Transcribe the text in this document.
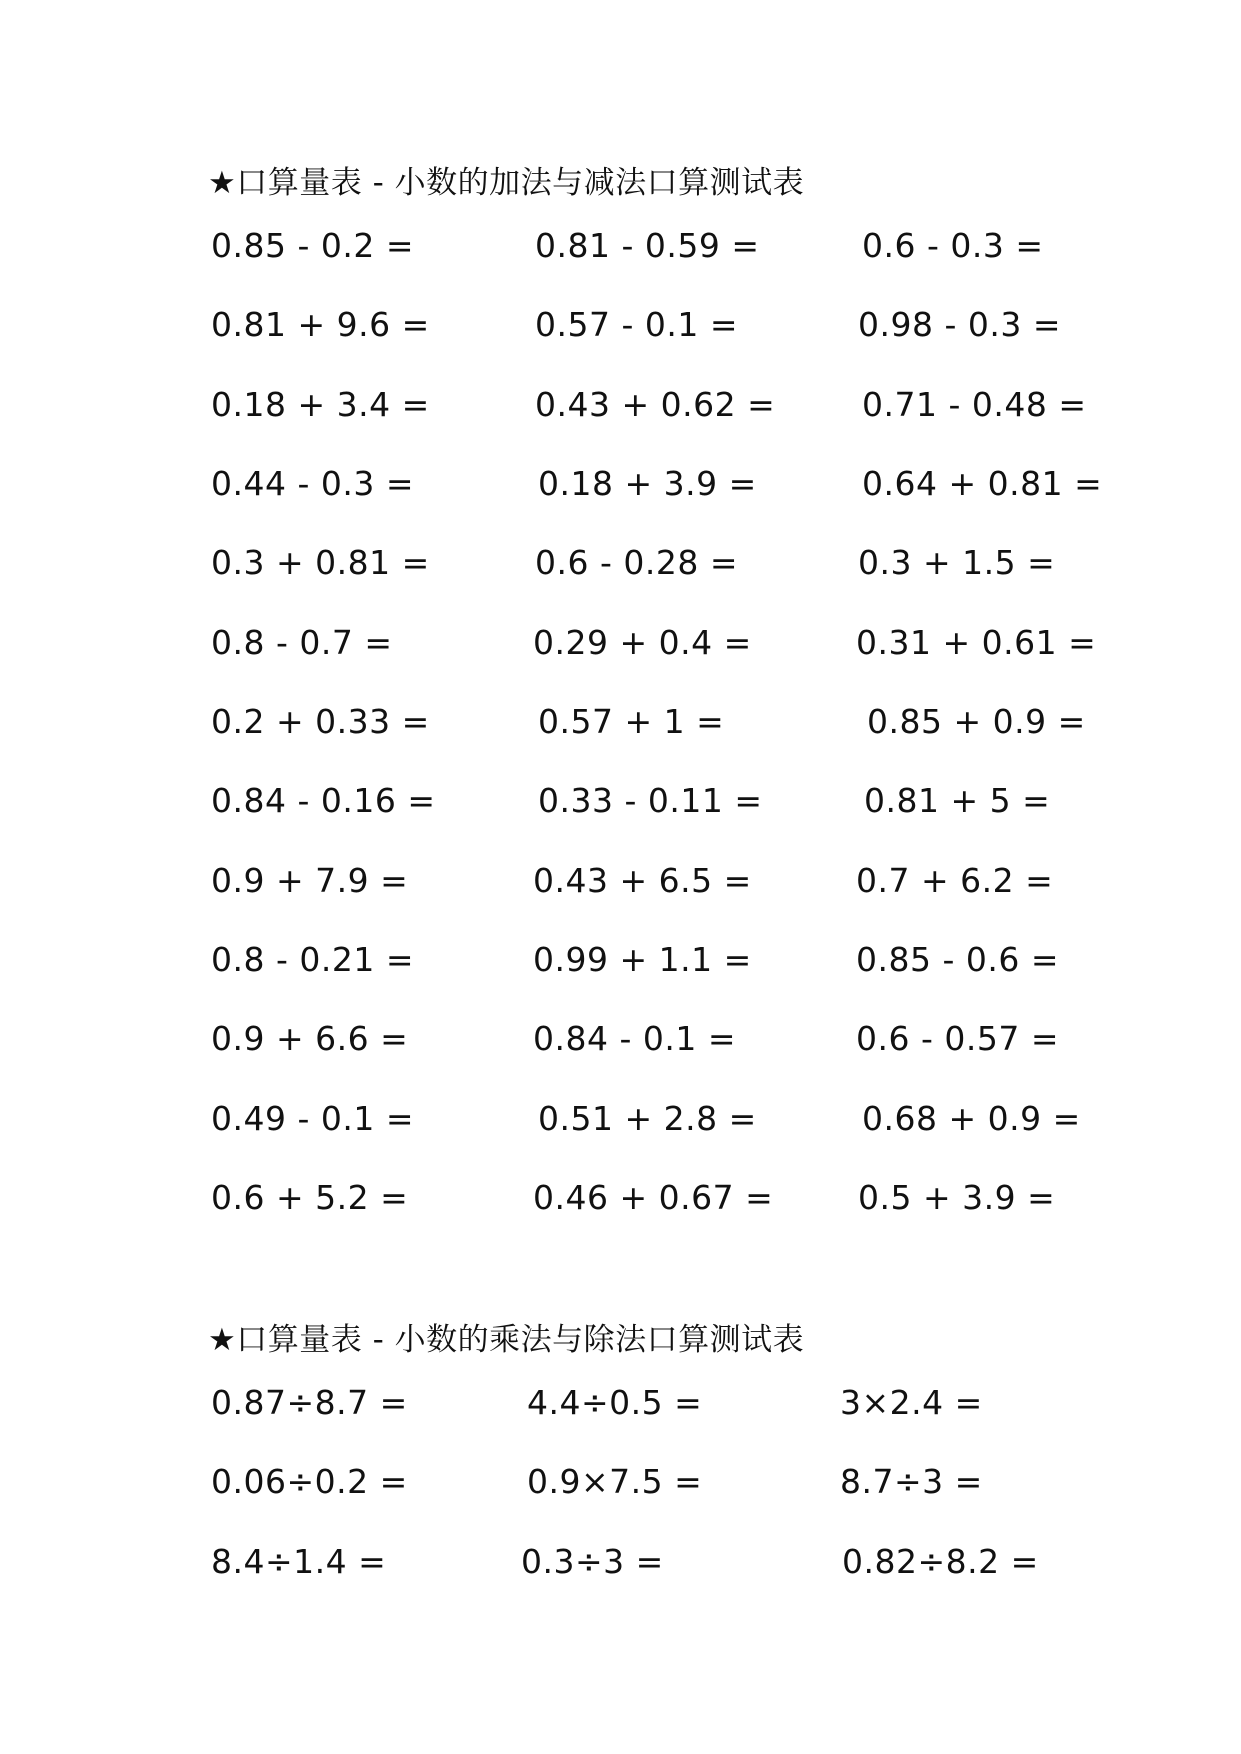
★口算量表 - 小数的加法与减法口算测试表
0.85 - 0.2 =	0.81 - 0.59 =	0.6 - 0.3 =
0.81 + 9.6 =	0.57 - 0.1 =	0.98 - 0.3 =
0.18 + 3.4 =	0.43 + 0.62 =	0.71 - 0.48 =
0.44 - 0.3 =	0.18 + 3.9 =	0.64 + 0.81 =
0.3 + 0.81 =	0.6 - 0.28 =	0.3 + 1.5 =
0.8 - 0.7 =	0.29 + 0.4 =	0.31 + 0.61 =
0.2 + 0.33 =	0.57 + 1 =	0.85 + 0.9 =
0.84 - 0.16 =	0.33 - 0.11 =	0.81 + 5 =
0.9 + 7.9 =	0.43 + 6.5 =	0.7 + 6.2 =
0.8 - 0.21 =	0.99 + 1.1 =	0.85 - 0.6 =
0.9 + 6.6 =	0.84 - 0.1 =	0.6 - 0.57 =
0.49 - 0.1 =	0.51 + 2.8 =	0.68 + 0.9 =
0.6 + 5.2 =	0.46 + 0.67 =	0.5 + 3.9 =
★口算量表 - 小数的乘法与除法口算测试表
0.87÷8.7 =	4.4÷0.5 =	3×2.4 =
0.06÷0.2 =	0.9×7.5 =	8.7÷3 =
8.4÷1.4 =	0.3÷3 =	0.82÷8.2 =
